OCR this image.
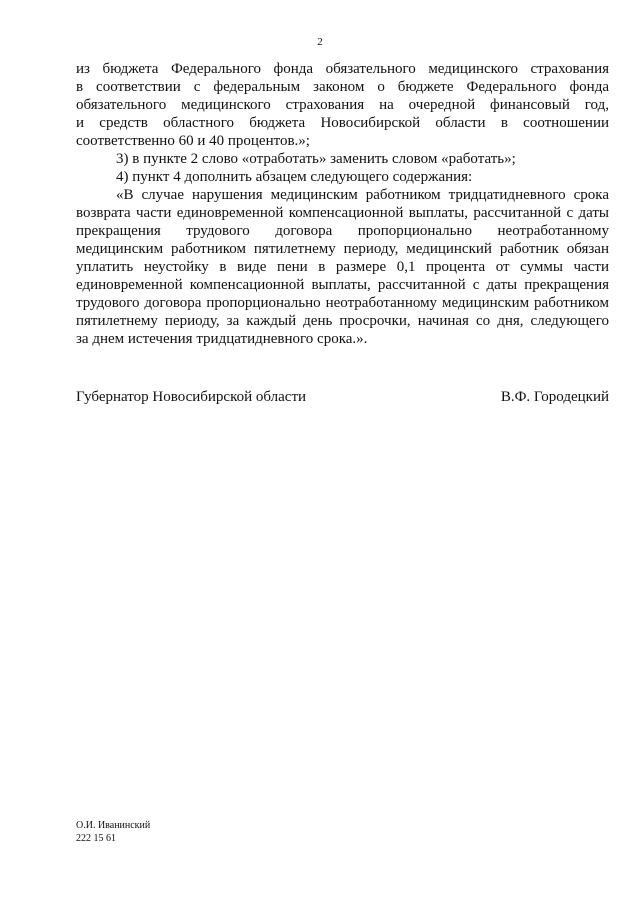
2
из бюджета Федерального фонда обязательного медицинского страхования
в соответствии с федеральным законом о бюджете Федерального фонда
обязательного медицинского страхования на очередной финансовый год,
и средств областного бюджета Новосибирской области в соотношении
соответственно 60 и 40 процентов.»;
3) в пункте 2 слово «отработать» заменить словом «работать»;
4) пункт 4 дополнить абзацем следующего содержания:
«В случае нарушения медицинским работником тридцатидневного срока
возврата части единовременной компенсационной выплаты, рассчитанной с даты
прекращения трудового договора пропорционально неотработанному
медицинским работником пятилетнему периоду, медицинский работник обязан
уплатить неустойку в виде пени в размере 0,1 процента от суммы части
единовременной компенсационной выплаты, рассчитанной с даты прекращения
трудового договора пропорционально неотработанному медицинским работником
пятилетнему периоду, за каждый день просрочки, начиная со дня, следующего
за днем истечения тридцатидневного срока.».
Губернатор Новосибирской области	В.Ф. Городецкий
О.И. Иванинский
222 15 61
